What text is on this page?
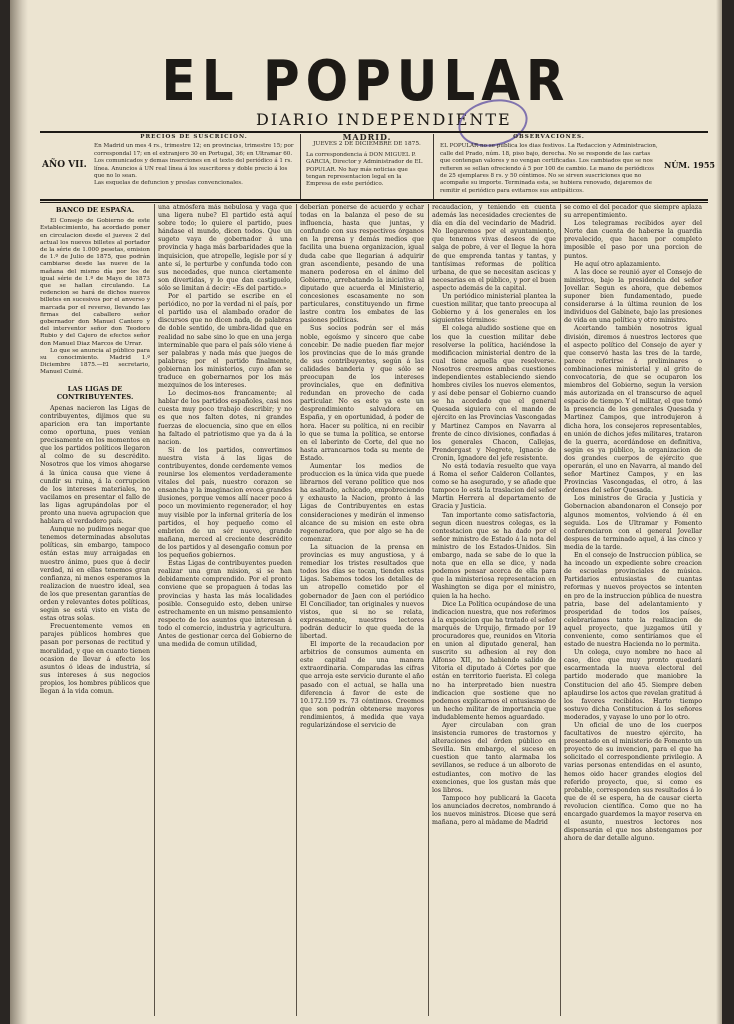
EL POPULAR
DIARIO INDEPENDIENTE
AÑO VII.	NÚM. 1955
PRECIOS DE SUSCRICION.
En Madrid un mes 4 rs., trimestre 12; en provincias, trimestre 15; por correspondal 17; en el extranjero 30 en Portugal, 36; en Ultramar 60.
Los comunicados y demas inserciones en el texto del periódico á 1 rs. línea. Anuncios á UN real línea á los suscritores y doble precio á los que no lo sean.
Las esquelas de defuncion y preslas convencionales.
MADRID.
JUEVES 2 DE DICIEMBRE DE 1875.
La correspondencia á DON MIGUEL P. GARCIA, Director y Administrador de EL POPULAR. No hay más noticias que tengan representacion legal en la Empresa de este periódico.
OBSERVACIONES.
EL POPULAR no se publica los dias festivos. La Redaccion y Administracion, calle del Prado, núm. 18, piso bajo, derecha. No se responde de las cartas que contengan valores y no vengan certificadas. Los cambiados que se nos refieren se sellan ofreciendo á 5 por 100 de cambio. Le mano de periódicos de 25 ejemplares 8 rs. y 50 céntimos. No se sirven suscriciones que no acompañe su importe. Terminada esta, se hubiera renovado, dejaremos de remitir el periódico para evitarnos sus antipáticos.
BANCO DE ESPAÑA.

El Consejo de Gobierno de este Establecimiento, ha acordado poner en circulacion desde el jueves 2 del actual los nuevos billetes al portador de la série de 1.000 pesetas, emision de 1.º de Julio de 1875, que podrán cambiarse desde las nueve de la mañana del mismo día por los de igual série de 1.º de Mayo de 1873 que se hallan circulando. La redencion se hará de dichos nuevos billetes en sucesivos por el anverso y marcada por el reverso, llevando las firmas del caballero señor gobernador don Manuel Cantero y del interventor señor don Teodoro Rubio y del Cajero de efectos señor don Manuel Diaz Marcos de Urrar.

Lo que se anuncia al público para su conocimiento. Madrid 1.º Diciembre 1875.—El secretario, Manuel Cuiné.

LAS LIGAS DE CONTRIBUYENTES.

Apenas nacieron las Ligas de contribuyentes, dijimos que su aparicion era tan importante como oportuna, pues venian precisamente en los momentos en que los partidos políticos llegaron al colmo de su descrédito. Nosotros que los vimos ahogarse á la única causa que viene á cundir su ruina, á la corrupcion de los intereses materiales, no vacilamos en presentar el fallo de las ligas agrupándolas por el pronto una nueva agrupacion que hablara el verdadero país.

Aunque no pudimos negar que tenemos determinadas absolutas políticas, sin embargo, tampoco están estas muy arraigadas en nuestro ánimo, pues que á decir verdad, ni en ellas tenemos gran confianza, ni menos esperamos la realizacion de nuestro ideal, sea de los que presentan garantías de orden y relevantes dotes políticas, según se está visto en vista de estas otras solas.

Frecuentemente vemos en parajes públicos hombres que pasan por personas de rectitud y moralidad, y que en cuanto tienen ocasion de llevar á efecto los asuntos ó ideas de industria, sí sus intereses á sus negocios propios, los hombres públicos que llegan á la vida comun.

una atmósfera más nebulosa y vaga que una ligera nube? El partido está aquí sobre todo; lo quiere el partido, pues hándase el mundo, dicen todos. Que un sugeto vaya de gobernador á una provincia y haga más barbaridades que la inquisicion, que atropelle, legisle por sí y ante sí, le perturbe y confunda todo con sus necedades, que nunca ciertamente son divertidas, y lo que dan castiguelo, sólo se limitan á decir: «Es del partido.»

Por el partido se escribe en el periódico, no por la verdad ni el país, por el partido usa el alambado orador de discursos que no dicen nada, de palabras de doble sentido, de umbra-lidad que en realidad no sabe sino lo que en una jerga interminable que para el país sólo viene á ser palabras y nada más que juegos de palabras; por el partido finalmente, gobiernan los ministerios, cuyo afan se traduce en gobernarnos por los más mezquinos de los intereses.

Lo decimos-nos francamente; al hablar de los partidos españoles, casi nos cuesta muy poco trabajo describir; y no es que nos falten dotes, ni grandes fuerzas de elocuencia, sino que en ellos ha faltado el patriotismo que ya da á la nacion.

Si de los partidos, convertimos nuestra vista á las ligas de contribuyentes, donde cerdemente vemos reunirse los elementos verdaderamente vitales del país, nuestro corazon se ensancha y la imaginacion evoca grandes ilusiones, porque vemos allí nacer poco á poco un movimiento regenerador, el hoy muy visible por la infernal gritería de los partidos, el hoy pequeño como el embrion de un sér nuevo, grande mañana, merced al creciente descrédito de los partidos y al desengaño comun por los pequeños gobiernos.

Estas Ligas de contribuyentes pueden realizar una gran mision, si se han debidamente comprendido. Por el pronto conviene que se propaguen á todas las provincias y hasta las más localidades posible. Conseguido esto, deben unirse estrechamente en un mismo pensamiento respecto de los asuntos que interesan á todo el comercio, industria y agricultura. Antes de gestionar cerca del Gobierno de una medida de comun utilidad,

deberían ponerse de acuerdo y echar todas en la balanza el peso de su influencia, hasta que juntas, y confundo con sus respectivos órganos en la prensa y demás medios que facilita una buena organizacion, igual duda cabe que llegarian á adquirir gran ascendiente, pesando de una manera poderosa en el ánimo del Gobierno, arrebatando la iniciativa al diputado que acuerda el Ministerio, concesiones escasamente no son particulares, constituyendo un firme lastre contra los embates de las pasiones políticas.

Sus socios podrán ser el más noble, egoísmo y sincero que cabe concebir. De nadie pueden fiar mejor los provincias que de lo más grande de sus contribuyentes, según á las calidades banderia y que sólo se preocupan de los intereses provinciales, que en definitiva redundan en provecho de cada particular. No es este ya este un desprendimiento salvadora en España, y en oportunidad, á poder de hora. Hacer su política, ni en recibir lo que se tuma la política, se entorse en el laberinto de Corte, del que no hasta arrancarnos toda su mente de Estado.

Aumentar los medios de produccion es la única vida que puede librarnos del verano político que nos ha asaltado, achicado, empobreciendo y exhausto la Nacion, pronto á las Ligas de Contribuyentes en estas consideraciones y medirán el inmenso alcance de su mision en este obra regeneradora, que por algo se ha de comenzar.

La situacion de la prensa en provincias es muy angustiosa, y á remediar los tristes resultados que todos los días se tocan, tienden estas Ligas. Sabemos todos los detalles de un atropello cometido por el gobernador de Jaen con el periódico El Conciliador, tan originales y nuevos vistos, que si no se relata, expresamente, nuestros lectores podrán deducir lo que queda de la libertad.

El importe de la recaudacion por arbitrios de consumos aumenta en este capital de una manera extraordinaria. Comparadas las cifras que arroja este servicio durante el año pasado con el actual, se halla una diferencia á favor de este de 10.172.159 rs. 73 céntimos. Creemos que son podrán obtenerse mayores rendimientos, á medida que vaya regularizándose el servicio de

recaudacion, y teniendo en cuenta además las necesidades crecientes de día en día del vecindario de Madrid. No llegaremos por el ayuntamiento, que tenemos vivas deseos de que salga de pobre, á ver el llegue la hora de que emprenda tantas y tantas, y tantísimas reformas de política urbana, de que se necesitan ascicas y necesarias en el público, y por el buen aspecto además de la capital.

Un periódico ministerial plantea la cuestion militar, que tanto preocupa al Gobierno y á los generales en los siguientes términos:

El colega aludido sostiene que en los que la cuestion militar debe resolverse la política, haciéndose la modificacion ministerial dentro de la cual tiene aquella que resolverse. Nosotros creemos ambas cuestiones independientes estableciendo siendo hombres civiles los nuevos elementos, y así debe pensar el Gobierno cuando se ha acordado que el general Quesada siguiera con el mando de ejército en las Provincias Vascongadas y Martinez Campos en Navarra al frente de cinco divisiones, confiadas á los generales Chacon, Callejas, Prendergast y Negrete, Ignacio de Cronin, Ignadore del jefe resistente.

No está todavía resuelto que vaya á Roma el señor Calderon Collantes, como se ha asegurado, y se añade que tampoco lo está la traslacion del señor Martin Herrera al departamento de Gracia y Justicia.

Tan importante como satisfactoria, segun dicen nuestros colegas, es la contestacion que se ha dado por el señor ministro de Estado á la nota del ministro de los Estados-Unidos. Sin embargo, nada se sabe de lo que la nota que en ella se dice, y nada podemos pensar acerca de ella para que la ministeriosa representacion en Washington se diga por el ministro, quien la ha hecho.

Dice La Política ocupándose de una indicacion nuestra, que nos referimos á la exposicion que ha tratado el señor marqués de Urquijo, firmado por 19 procuradores que, reunidos en Vitoria en union al diputado general, han suscrito su adhesion al rey don Alfonso XII, no habiendo salido de Vitoria el diputado á Córtes por que están en territorio fuerista. El colega no ha interpretado bien nuestra indicacion que sostiene que no podemos explicarnos el entusiasmo de un hecho militar de importancia que indudablemente hemos aguardado.

Ayer circulaban con gran insistencia rumores de trastornos y alteraciones del órden público en Sevilla. Sin embargo, el suceso en cuestion que tanto alarmaba los sevillanos, se reduce á un alboroto de estudiantes, con motivo de las exenciones, que los gustan más que los libros.

Tampoco hoy publicará la Gaceta los anunciados decretos, nombrando á los nuevos ministros. Dicese que será mañana, pero al màdame de Madrid

se como el del pecador que siempre aplaza su arrepentimiento.

Los telegramas recibidos ayer del Norte dan cuenta de haberse la guardia prevalecido, que hacen por completo imposible el paso por una porcion de puntos.

He aquí otro aplazamiento.

A las doce se reunió ayer el Consejo de ministros, bajo la presidencia del señor Jovellar. Segun es ahora, que debemos suponer bien fundamentado, puede considerarse á la última reunion de los individuos del Gabinete, bajo las presiones de vida en una política y otro ministro.

Acertando también nosotros igual división, diremos á nuestros lectores que el aspecto político del Consejo de ayer y que conservó hasta las tres de la tarde, parece referirse á preliminares o combinaciones ministerial y al grito de convocatoria, de que se ocuparon los miembros del Gobierno, segun la version más autorizada en el transcurso de aquel espacio de tiempo. Y el militar, el que tomó la presencia de los generales Quesada y Martinez Campos, que introdujeron á dicha hora, los consejeros representables, en unión de dichos jefes militares, trataron de la guerra, acordándose en definitiva, según es ya público, la organizacion de dos grandes cuerpos de ejército que operarán, el uno en Navarra, al mando del señor Martinez Campos, y en las Provincias Vascongadas, el otro, á las órdenes del señor Quesada.

Los ministros de Gracia y Justicia y Gobernacion abandonaron el Consejo por algunos momentos, volviendo á él en seguida. Los de Ultramar y Fomento conferenciaron con el general Jovellar despues de terminado aquel, á las cinco y media de la tarde.

En el consejo de Instruccion pública, se ha incoado un expediente sobre creacion de escuelas provinciales de música. Partidarios entusiastas de cuantas reformas y nuevos proyectos se intenten en pro de la instruccion pública de nuestra patria, base del adelantamiento y prosperidad de todos los países, celebraríamos tanto la realizacion de aquel proyecto, que juzgamos útil y conveniente, como sentiríamos que el estado de nuestra Hacienda no lo permita.

Un colega, cuyo nombre no hace al caso, dice que muy pronto quedará escarmentada la nueva electoral del partido moderado que maniobre la Constitucion del año 45. Siempre deben aplaudirse los actos que revelan gratitud á los favores recibidos. Harto tiempo sostuvo dicha Constitucion á los señores moderados, y vayase lo uno por lo otro.

Un oficial de uno de los cuerpos facultativos de nuestro ejército, ha presentado en el ministerio de Fomento un proyecto de su invencion, para el que ha solicitado el correspondiente privilegio. A varias personas entendidas en el asunto, hemos oido hacer grandes elogios del referido proyecto, que, si como es probable, corresponden sus resultados á lo que de él se espera, ha de causar cierta revolucion científica. Como que no ha encargado guardemos la mayor reserva en el asunto, nuestros lectores nos dispensarán el que nos abstengamos por ahora de dar detalle alguno.
